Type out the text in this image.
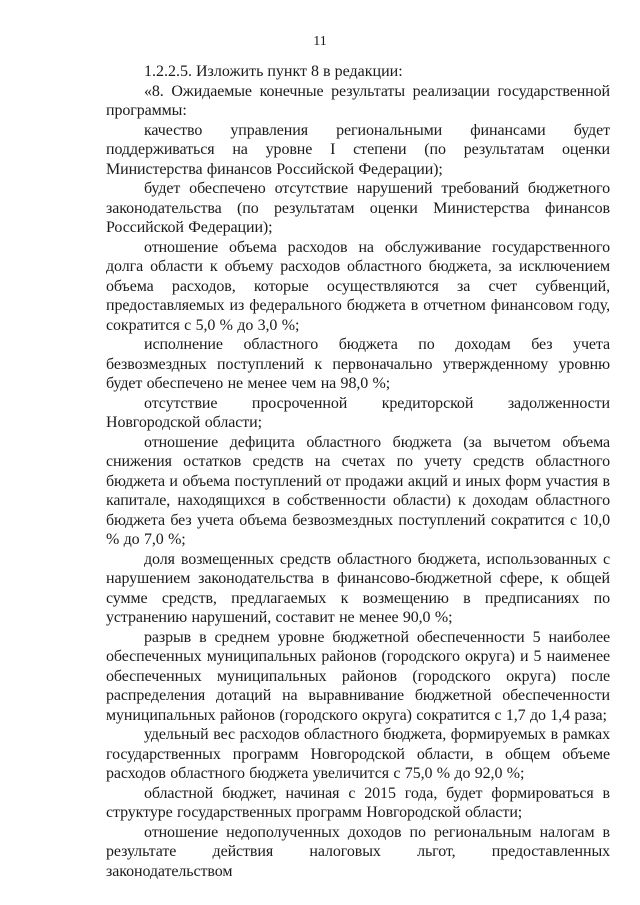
11

1.2.2.5. Изложить пункт 8 в редакции:

«8. Ожидаемые конечные результаты реализации государственной программы:

качество управления региональными финансами будет поддерживаться на уровне I степени (по результатам оценки Министерства финансов Российской Федерации);

будет обеспечено отсутствие нарушений требований бюджетного законодательства (по результатам оценки Министерства финансов Российской Федерации);

отношение объема расходов на обслуживание государственного долга области к объему расходов областного бюджета, за исключением объема расходов, которые осуществляются за счет субвенций, предоставляемых из федерального бюджета в отчетном финансовом году, сократится с 5,0 % до 3,0 %;

исполнение областного бюджета по доходам без учета безвозмездных поступлений к первоначально утвержденному уровню будет обеспечено не менее чем на 98,0 %;

отсутствие просроченной кредиторской задолженности Новгородской области;

отношение дефицита областного бюджета (за вычетом объема снижения остатков средств на счетах по учету средств областного бюджета и объема поступлений от продажи акций и иных форм участия в капитале, находящихся в собственности области) к доходам областного бюджета без учета объема безвозмездных поступлений сократится с 10,0 % до 7,0 %;

доля возмещенных средств областного бюджета, использованных с нарушением законодательства в финансово-бюджетной сфере, к общей сумме средств, предлагаемых к возмещению в предписаниях по устранению нарушений, составит не менее 90,0 %;

разрыв в среднем уровне бюджетной обеспеченности 5 наиболее обеспеченных муниципальных районов (городского округа) и 5 наименее обеспеченных муниципальных районов (городского округа) после распределения дотаций на выравнивание бюджетной обеспеченности муниципальных районов (городского округа) сократится с 1,7 до 1,4 раза;

удельный вес расходов областного бюджета, формируемых в рамках государственных программ Новгородской области, в общем объеме расходов областного бюджета увеличится с 75,0 % до 92,0 %;

областной бюджет, начиная с 2015 года, будет формироваться в структуре государственных программ Новгородской области;

отношение недополученных доходов по региональным налогам в результате действия налоговых льгот, предоставленных законодательством
